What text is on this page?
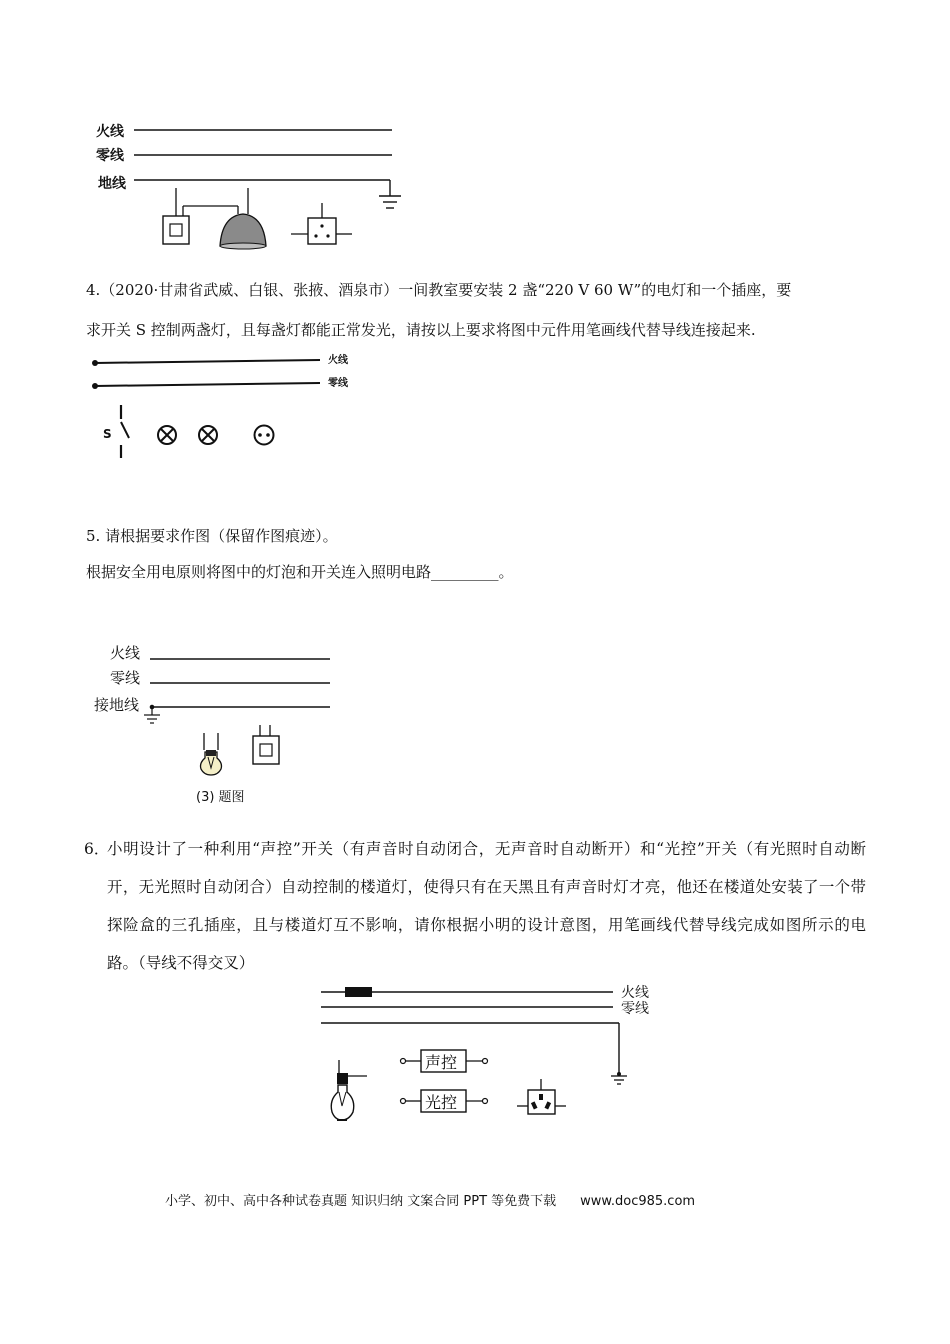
火线
零线
地线
4.（2020·甘肃省武威、白银、张掖、酒泉市）一间教室要安装 2 盏“220 V 60 W”的电灯和一个插座，要
求开关 S 控制两盏灯，且每盏灯都能正常发光，请按以上要求将图中元件用笔画线代替导线连接起来.
火线
零线
S
5. 请根据要求作图（保留作图痕迹）。
根据安全用电原则将图中的灯泡和开关连入照明电路_________。
火线
零线
接地线
(3) 题图
6．
小明设计了一种利用“声控”开关（有声音时自动闭合，无声音时自动断开）和“光控”开关（有光照时自动断开，无光照时自动闭合）自动控制的楼道灯，使得只有在天黑且有声音时灯才亮，他还在楼道处安装了一个带探险盒的三孔插座，且与楼道灯互不影响，请你根据小明的设计意图，用笔画线代替导线完成如图所示的电路。（导线不得交叉）
火线
零线
声控
光控
小学、初中、高中各种试卷真题 知识归纳 文案合同 PPT 等免费下载 www.doc985.com
